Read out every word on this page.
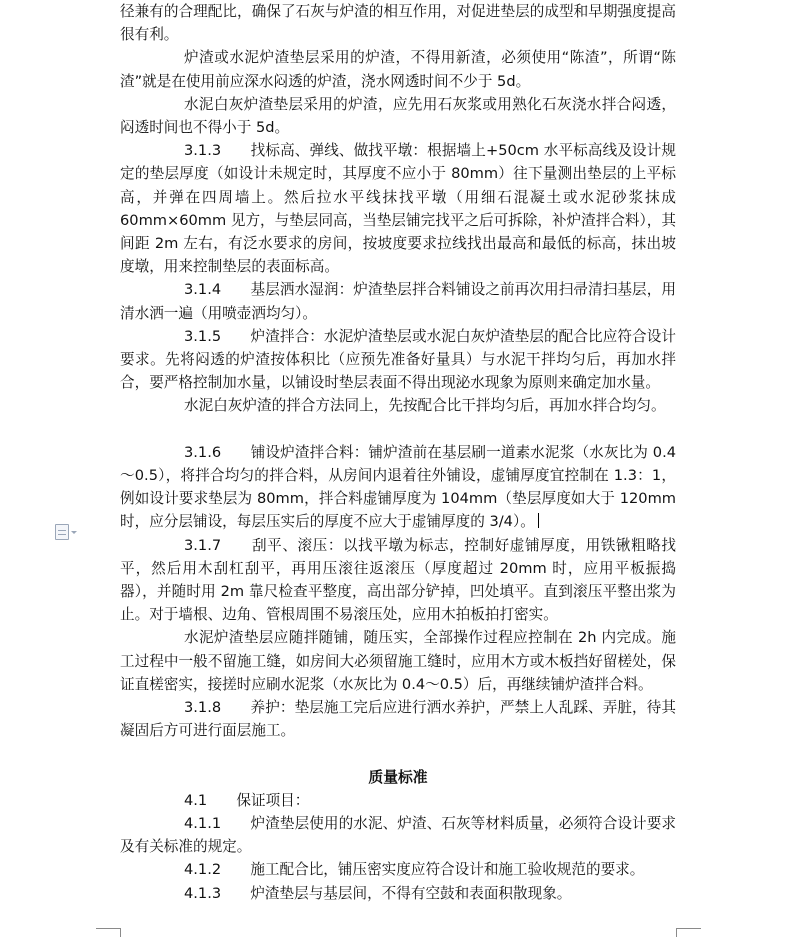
径兼有的合理配比，确保了石灰与炉渣的相互作用，对促进垫层的成型和早期强度提高很有利。

炉渣或水泥炉渣垫层采用的炉渣，不得用新渣，必须使用“陈渣”，所谓“陈渣”就是在使用前应深水闷透的炉渣，浇水网透时间不少于 5d。

水泥白灰炉渣垫层采用的炉渣，应先用石灰浆或用熟化石灰浇水拌合闷透，闷透时间也不得小于 5d。

3.1.3　　找标高、弹线、做找平墩：根据墙上+50cm 水平标高线及设计规定的垫层厚度（如设计未规定时，其厚度不应小于 80mm）往下量测出垫层的上平标高，并弹在四周墙上。然后拉水平线抹找平墩（用细石混凝土或水泥砂浆抹成 60mm×60mm 见方，与垫层同高，当垫层铺完找平之后可拆除，补炉渣拌合料），其间距 2m 左右，有泛水要求的房间，按坡度要求拉线找出最高和最低的标高，抹出坡度墩，用来控制垫层的表面标高。

3.1.4　　基层洒水湿润：炉渣垫层拌合料铺设之前再次用扫帚清扫基层，用清水洒一遍（用喷壶洒均匀）。

3.1.5　　炉渣拌合：水泥炉渣垫层或水泥白灰炉渣垫层的配合比应符合设计要求。先将闷透的炉渣按体积比（应预先准备好量具）与水泥干拌均匀后，再加水拌合，要严格控制加水量，以铺设时垫层表面不得出现泌水现象为原则来确定加水量。

水泥白灰炉渣的拌合方法同上，先按配合比干拌均匀后，再加水拌合均匀。

3.1.6　　铺设炉渣拌合料：铺炉渣前在基层刷一道素水泥浆（水灰比为 0.4～0.5），将拌合均匀的拌合料，从房间内退着往外铺设，虚铺厚度宜控制在 1.3：1，例如设计要求垫层为 80mm，拌合料虚铺厚度为 104mm（垫层厚度如大于 120mm 时，应分层铺设，每层压实后的厚度不应大于虚铺厚度的 3/4）。

3.1.7　　刮平、滚压：以找平墩为标志，控制好虚铺厚度，用铁锹粗略找平，然后用木刮杠刮平，再用压滚往返滚压（厚度超过 20mm 时，应用平板振捣器），并随时用 2m 靠尺检查平整度，高出部分铲掉，凹处填平。直到滚压平整出浆为止。对于墙根、边角、管根周围不易滚压处，应用木拍板拍打密实。

水泥炉渣垫层应随拌随铺，随压实，全部操作过程应控制在 2h 内完成。施工过程中一般不留施工缝，如房间大必须留施工缝时，应用木方或木板挡好留槎处，保证直槎密实，接搓时应刷水泥浆（水灰比为 0.4～0.5）后，再继续铺炉渣拌合料。

3.1.8　　养护：垫层施工完后应进行洒水养护，严禁上人乱踩、弄脏，待其凝固后方可进行面层施工。

质量标准

4.1　　保证项目：

4.1.1　　炉渣垫层使用的水泥、炉渣、石灰等材料质量，必须符合设计要求及有关标准的规定。

4.1.2　　施工配合比，铺压密实度应符合设计和施工验收规范的要求。

4.1.3　　炉渣垫层与基层间，不得有空鼓和表面积散现象。
